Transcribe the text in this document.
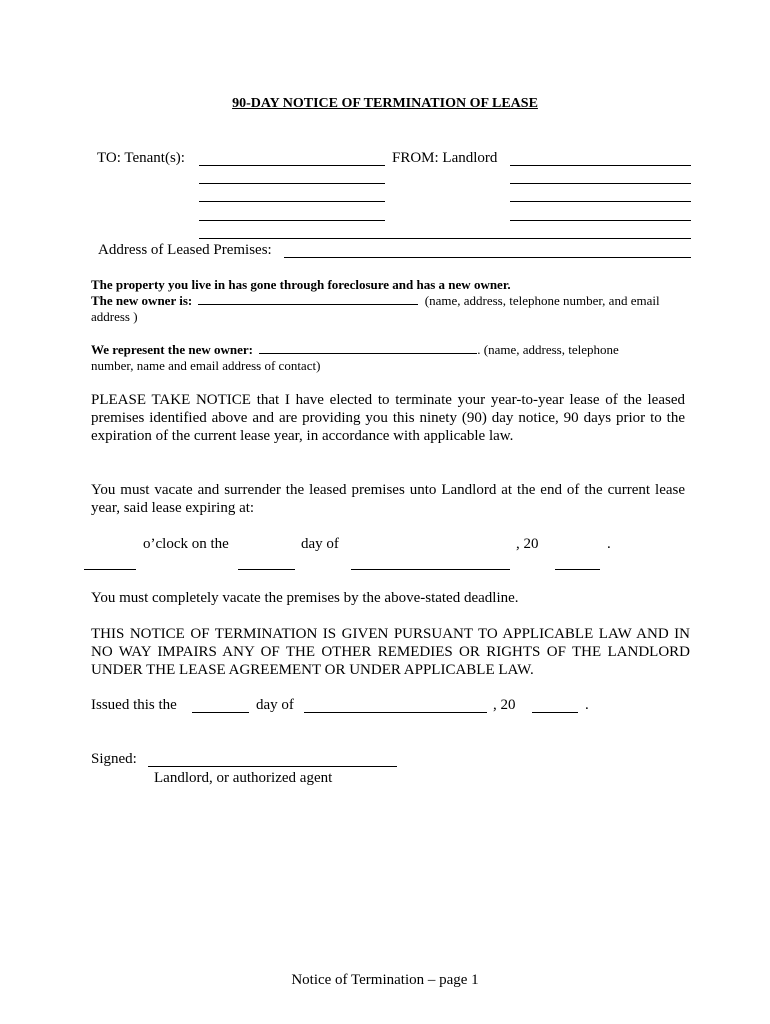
90-DAY NOTICE OF TERMINATION OF LEASE
TO: Tenant(s):	FROM: Landlord
Address of Leased Premises:
The property you live in has gone through foreclosure and has a new owner.
The new owner is:	(name, address, telephone number, and email
address )
We represent the new owner:	. (name, address, telephone
number, name and email address of contact)
PLEASE TAKE NOTICE that I have elected to terminate your year-to-year lease of the leased premises identified above and are providing you this ninety (90) day notice, 90 days prior to the expiration of the current lease year, in accordance with applicable law.
You must vacate and surrender the leased premises unto Landlord at the end of the current lease year, said lease expiring at:
o’clock on the	day of	, 20	.
You must completely vacate the premises by the above-stated deadline.
THIS NOTICE OF TERMINATION IS GIVEN PURSUANT TO APPLICABLE LAW AND IN NO WAY IMPAIRS ANY OF THE OTHER REMEDIES OR RIGHTS OF THE LANDLORD UNDER THE LEASE AGREEMENT OR UNDER APPLICABLE LAW.
Issued this the	day of	, 20	.
Signed:
Landlord, or authorized agent
Notice of Termination – page 1
